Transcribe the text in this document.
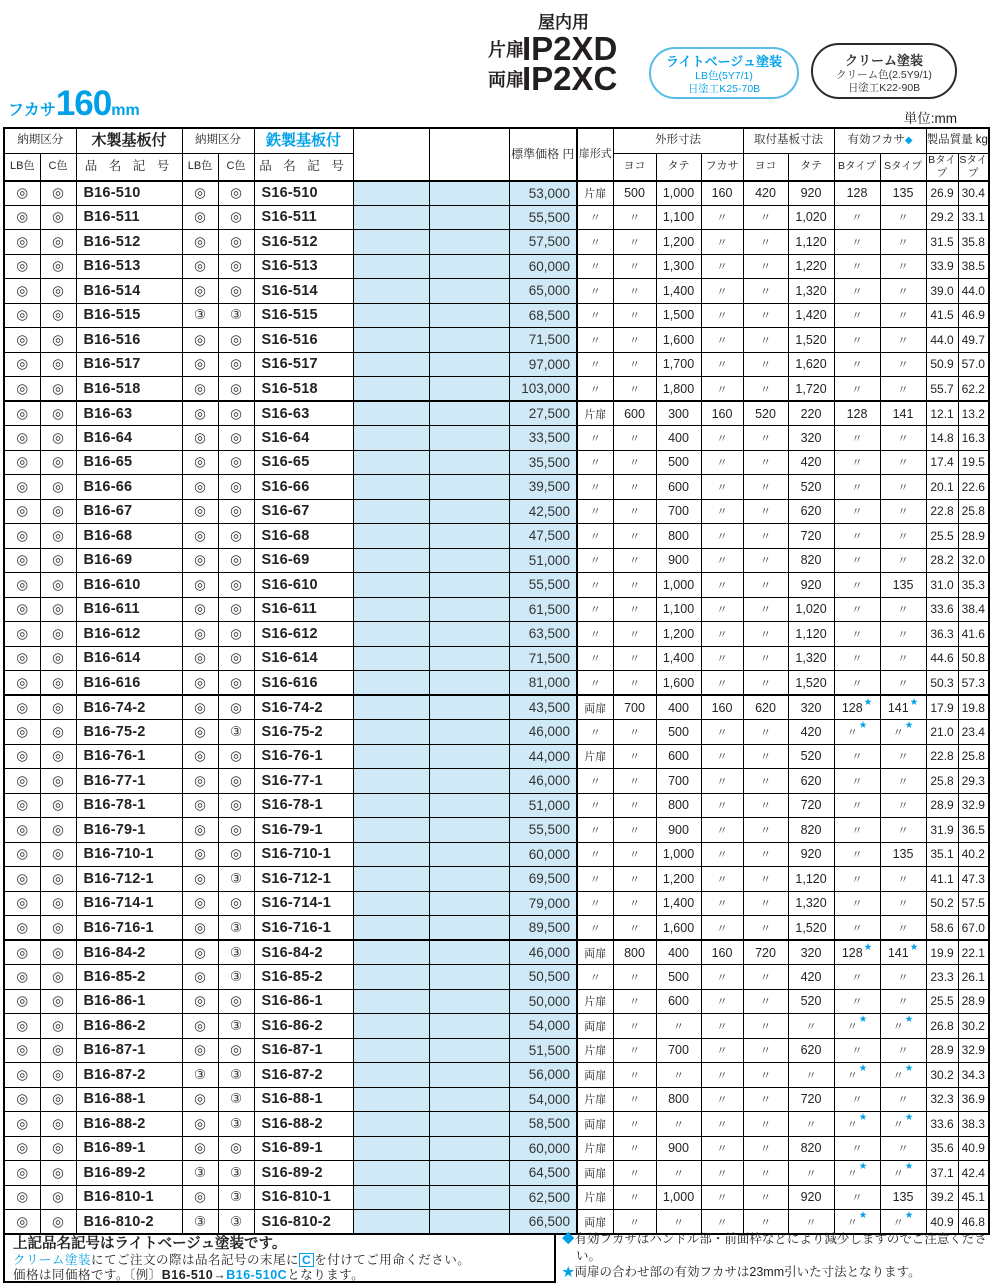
フカサ160mm
屋内用
片扉
IP2XD
両扉
IP2XC	ライトベージュ塗装
LB色(5Y7/1)
日塗工K25-70B
クリーム塗装
クリーム色(2.5Y9/1)
日塗工K22-90B
単位:mm
納期区分		木製基板付	納期区分		鉄製基板付			標準価格 円	扉形式	外形寸法			取付基板寸法		有効フカサ◆		製品質量 kg	
LB色	C色	品 名 記 号	LB色	C色	品 名 記 号					ヨコ	タテ	フカサ	ヨコ	タテ	Bタイプ	Sタイプ	Bタイプ	Sタイプ
◎	◎	B16-510	◎	◎	S16-510			53,000	片扉	500	1,000	160	420	920	128	135	26.9	30.4
◎	◎	B16-511	◎	◎	S16-511			55,500	〃	〃	1,100	〃	〃	1,020	〃	〃	29.2	33.1
◎	◎	B16-512	◎	◎	S16-512			57,500	〃	〃	1,200	〃	〃	1,120	〃	〃	31.5	35.8
◎	◎	B16-513	◎	◎	S16-513			60,000	〃	〃	1,300	〃	〃	1,220	〃	〃	33.9	38.5
◎	◎	B16-514	◎	◎	S16-514			65,000	〃	〃	1,400	〃	〃	1,320	〃	〃	39.0	44.0
◎	◎	B16-515	③	③	S16-515			68,500	〃	〃	1,500	〃	〃	1,420	〃	〃	41.5	46.9
◎	◎	B16-516	◎	◎	S16-516			71,500	〃	〃	1,600	〃	〃	1,520	〃	〃	44.0	49.7
◎	◎	B16-517	◎	◎	S16-517			97,000	〃	〃	1,700	〃	〃	1,620	〃	〃	50.9	57.0
◎	◎	B16-518	◎	◎	S16-518			103,000	〃	〃	1,800	〃	〃	1,720	〃	〃	55.7	62.2
◎	◎	B16-63	◎	◎	S16-63			27,500	片扉	600	300	160	520	220	128	141	12.1	13.2
◎	◎	B16-64	◎	◎	S16-64			33,500	〃	〃	400	〃	〃	320	〃	〃	14.8	16.3
◎	◎	B16-65	◎	◎	S16-65			35,500	〃	〃	500	〃	〃	420	〃	〃	17.4	19.5
◎	◎	B16-66	◎	◎	S16-66			39,500	〃	〃	600	〃	〃	520	〃	〃	20.1	22.6
◎	◎	B16-67	◎	◎	S16-67			42,500	〃	〃	700	〃	〃	620	〃	〃	22.8	25.8
◎	◎	B16-68	◎	◎	S16-68			47,500	〃	〃	800	〃	〃	720	〃	〃	25.5	28.9
◎	◎	B16-69	◎	◎	S16-69			51,000	〃	〃	900	〃	〃	820	〃	〃	28.2	32.0
◎	◎	B16-610	◎	◎	S16-610			55,500	〃	〃	1,000	〃	〃	920	〃	135	31.0	35.3
◎	◎	B16-611	◎	◎	S16-611			61,500	〃	〃	1,100	〃	〃	1,020	〃	〃	33.6	38.4
◎	◎	B16-612	◎	◎	S16-612			63,500	〃	〃	1,200	〃	〃	1,120	〃	〃	36.3	41.6
◎	◎	B16-614	◎	◎	S16-614			71,500	〃	〃	1,400	〃	〃	1,320	〃	〃	44.6	50.8
◎	◎	B16-616	◎	◎	S16-616			81,000	〃	〃	1,600	〃	〃	1,520	〃	〃	50.3	57.3
◎	◎	B16-74-2	◎	◎	S16-74-2			43,500	両扉	700	400	160	620	320	128★	141★	17.9	19.8
◎	◎	B16-75-2	◎	③	S16-75-2			46,000	〃	〃	500	〃	〃	420	〃★	〃★	21.0	23.4
◎	◎	B16-76-1	◎	◎	S16-76-1			44,000	片扉	〃	600	〃	〃	520	〃	〃	22.8	25.8
◎	◎	B16-77-1	◎	◎	S16-77-1			46,000	〃	〃	700	〃	〃	620	〃	〃	25.8	29.3
◎	◎	B16-78-1	◎	◎	S16-78-1			51,000	〃	〃	800	〃	〃	720	〃	〃	28.9	32.9
◎	◎	B16-79-1	◎	◎	S16-79-1			55,500	〃	〃	900	〃	〃	820	〃	〃	31.9	36.5
◎	◎	B16-710-1	◎	◎	S16-710-1			60,000	〃	〃	1,000	〃	〃	920	〃	135	35.1	40.2
◎	◎	B16-712-1	◎	③	S16-712-1			69,500	〃	〃	1,200	〃	〃	1,120	〃	〃	41.1	47.3
◎	◎	B16-714-1	◎	◎	S16-714-1			79,000	〃	〃	1,400	〃	〃	1,320	〃	〃	50.2	57.5
◎	◎	B16-716-1	◎	③	S16-716-1			89,500	〃	〃	1,600	〃	〃	1,520	〃	〃	58.6	67.0
◎	◎	B16-84-2	◎	③	S16-84-2			46,000	両扉	800	400	160	720	320	128★	141★	19.9	22.1
◎	◎	B16-85-2	◎	③	S16-85-2			50,500	〃	〃	500	〃	〃	420	〃	〃	23.3	26.1
◎	◎	B16-86-1	◎	◎	S16-86-1			50,000	片扉	〃	600	〃	〃	520	〃	〃	25.5	28.9
◎	◎	B16-86-2	◎	③	S16-86-2			54,000	両扉	〃	〃	〃	〃	〃	〃★	〃★	26.8	30.2
◎	◎	B16-87-1	◎	◎	S16-87-1			51,500	片扉	〃	700	〃	〃	620	〃	〃	28.9	32.9
◎	◎	B16-87-2	③	③	S16-87-2			56,000	両扉	〃	〃	〃	〃	〃	〃★	〃★	30.2	34.3
◎	◎	B16-88-1	◎	③	S16-88-1			54,000	片扉	〃	800	〃	〃	720	〃	〃	32.3	36.9
◎	◎	B16-88-2	◎	③	S16-88-2			58,500	両扉	〃	〃	〃	〃	〃	〃★	〃★	33.6	38.3
◎	◎	B16-89-1	◎	◎	S16-89-1			60,000	片扉	〃	900	〃	〃	820	〃	〃	35.6	40.9
◎	◎	B16-89-2	③	③	S16-89-2			64,500	両扉	〃	〃	〃	〃	〃	〃★	〃★	37.1	42.4
◎	◎	B16-810-1	◎	③	S16-810-1			62,500	片扉	〃	1,000	〃	〃	920	〃	135	39.2	45.1
◎	◎	B16-810-2	③	③	S16-810-2			66,500	両扉	〃	〃	〃	〃	〃	〃★	〃★	40.9	46.8
上記品名記号はライトベージュ塗装です。
クリーム塗装にてご注文の際は品名記号の末尾に C を付けてご用命ください。
価格は同価格です。〔例〕B16-510→B16-510Cとなります。
◆有効フカサはハンドル部・前面枠などにより減少しますのでご注意ください。
★両扉の合わせ部の有効フカサは23mm引いた寸法となります。
